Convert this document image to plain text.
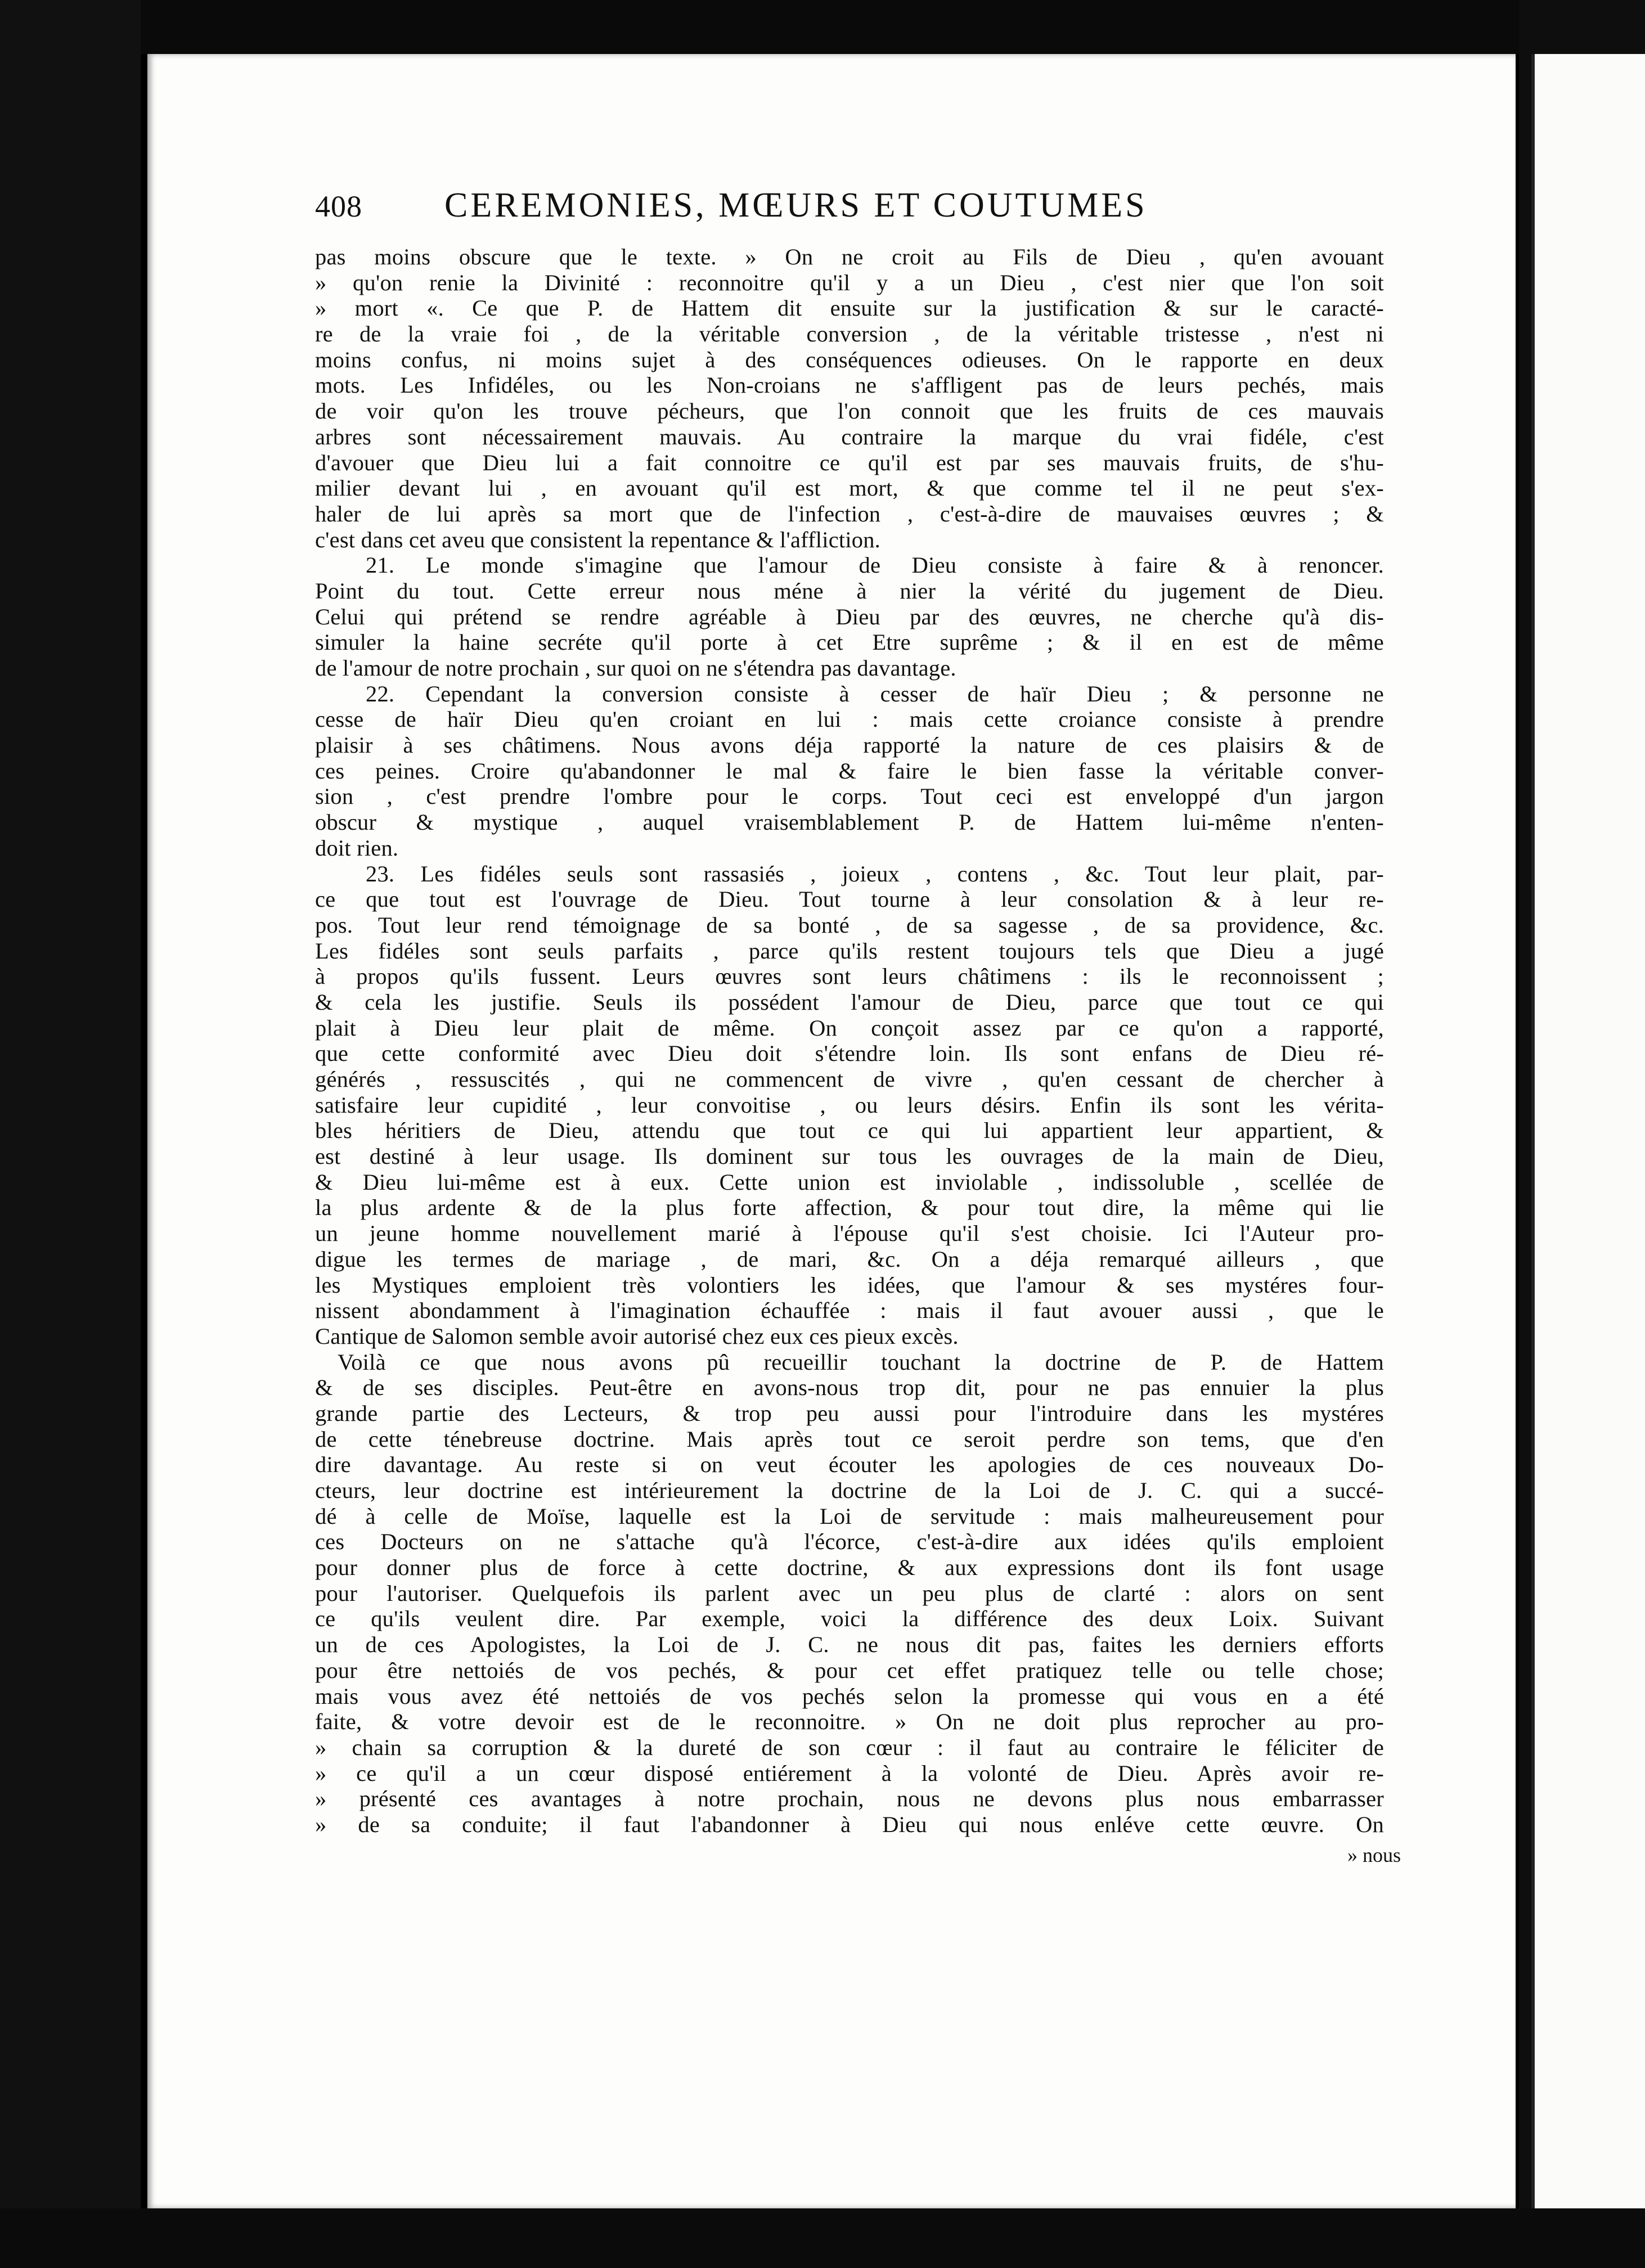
408	CEREMONIES, MŒURS ET COUTUMES
pas moins obscure que le texte. » On ne croit au Fils de Dieu , qu'en avouant
» qu'on renie la Divinité : reconnoitre qu'il y a un Dieu , c'est nier que l'on soit
» mort «. Ce que P. de Hattem dit ensuite sur la justification & sur le caracté-
re de la vraie foi , de la véritable conversion , de la véritable tristesse , n'est ni
moins confus, ni moins sujet à des conséquences odieuses. On le rapporte en deux
mots. Les Infidéles, ou les Non-croians ne s'affligent pas de leurs pechés, mais
de voir qu'on les trouve pécheurs, que l'on connoit que les fruits de ces mauvais
arbres sont nécessairement mauvais. Au contraire la marque du vrai fidéle, c'est
d'avouer que Dieu lui a fait connoitre ce qu'il est par ses mauvais fruits, de s'hu-
milier devant lui , en avouant qu'il est mort, & que comme tel il ne peut s'ex-
haler de lui après sa mort que de l'infection , c'est-à-dire de mauvaises œuvres ; &
c'est dans cet aveu que consistent la repentance & l'affliction.
21. Le monde s'imagine que l'amour de Dieu consiste à faire & à renoncer.
Point du tout. Cette erreur nous méne à nier la vérité du jugement de Dieu.
Celui qui prétend se rendre agréable à Dieu par des œuvres, ne cherche qu'à dis-
simuler la haine secréte qu'il porte à cet Etre suprême ; & il en est de même
de l'amour de notre prochain , sur quoi on ne s'étendra pas davantage.
22. Cependant la conversion consiste à cesser de haïr Dieu ; & personne ne
cesse de haïr Dieu qu'en croiant en lui : mais cette croiance consiste à prendre
plaisir à ses châtimens. Nous avons déja rapporté la nature de ces plaisirs & de
ces peines. Croire qu'abandonner le mal & faire le bien fasse la véritable conver-
sion , c'est prendre l'ombre pour le corps. Tout ceci est enveloppé d'un jargon
obscur & mystique , auquel vraisemblablement P. de Hattem lui-même n'enten-
doit rien.
23. Les fidéles seuls sont rassasiés , joieux , contens , &c. Tout leur plait, par-
ce que tout est l'ouvrage de Dieu. Tout tourne à leur consolation & à leur re-
pos. Tout leur rend témoignage de sa bonté , de sa sagesse , de sa providence, &c.
Les fidéles sont seuls parfaits , parce qu'ils restent toujours tels que Dieu a jugé
à propos qu'ils fussent. Leurs œuvres sont leurs châtimens : ils le reconnoissent ;
& cela les justifie. Seuls ils possédent l'amour de Dieu, parce que tout ce qui
plait à Dieu leur plait de même. On conçoit assez par ce qu'on a rapporté,
que cette conformité avec Dieu doit s'étendre loin. Ils sont enfans de Dieu ré-
générés , ressuscités , qui ne commencent de vivre , qu'en cessant de chercher à
satisfaire leur cupidité , leur convoitise , ou leurs désirs. Enfin ils sont les vérita-
bles héritiers de Dieu, attendu que tout ce qui lui appartient leur appartient, &
est destiné à leur usage. Ils dominent sur tous les ouvrages de la main de Dieu,
& Dieu lui-même est à eux. Cette union est inviolable , indissoluble , scellée de
la plus ardente & de la plus forte affection, & pour tout dire, la même qui lie
un jeune homme nouvellement marié à l'épouse qu'il s'est choisie. Ici l'Auteur pro-
digue les termes de mariage , de mari, &c. On a déja remarqué ailleurs , que
les Mystiques emploient très volontiers les idées, que l'amour & ses mystéres four-
nissent abondamment à l'imagination échauffée : mais il faut avouer aussi , que le
Cantique de Salomon semble avoir autorisé chez eux ces pieux excès.
Voilà ce que nous avons pû recueillir touchant la doctrine de P. de Hattem
& de ses disciples. Peut-être en avons-nous trop dit, pour ne pas ennuier la plus
grande partie des Lecteurs, & trop peu aussi pour l'introduire dans les mystéres
de cette ténebreuse doctrine. Mais après tout ce seroit perdre son tems, que d'en
dire davantage. Au reste si on veut écouter les apologies de ces nouveaux Do-
cteurs, leur doctrine est intérieurement la doctrine de la Loi de J. C. qui a succé-
dé à celle de Moïse, laquelle est la Loi de servitude : mais malheureusement pour
ces Docteurs on ne s'attache qu'à l'écorce, c'est-à-dire aux idées qu'ils emploient
pour donner plus de force à cette doctrine, & aux expressions dont ils font usage
pour l'autoriser. Quelquefois ils parlent avec un peu plus de clarté : alors on sent
ce qu'ils veulent dire. Par exemple, voici la différence des deux Loix. Suivant
un de ces Apologistes, la Loi de J. C. ne nous dit pas, faites les derniers efforts
pour être nettoiés de vos pechés, & pour cet effet pratiquez telle ou telle chose;
mais vous avez été nettoiés de vos pechés selon la promesse qui vous en a été
faite, & votre devoir est de le reconnoitre. » On ne doit plus reprocher au pro-
» chain sa corruption & la dureté de son cœur : il faut au contraire le féliciter de
» ce qu'il a un cœur disposé entiérement à la volonté de Dieu. Après avoir re-
» présenté ces avantages à notre prochain, nous ne devons plus nous embarrasser
» de sa conduite; il faut l'abandonner à Dieu qui nous enléve cette œuvre. On
» nous
